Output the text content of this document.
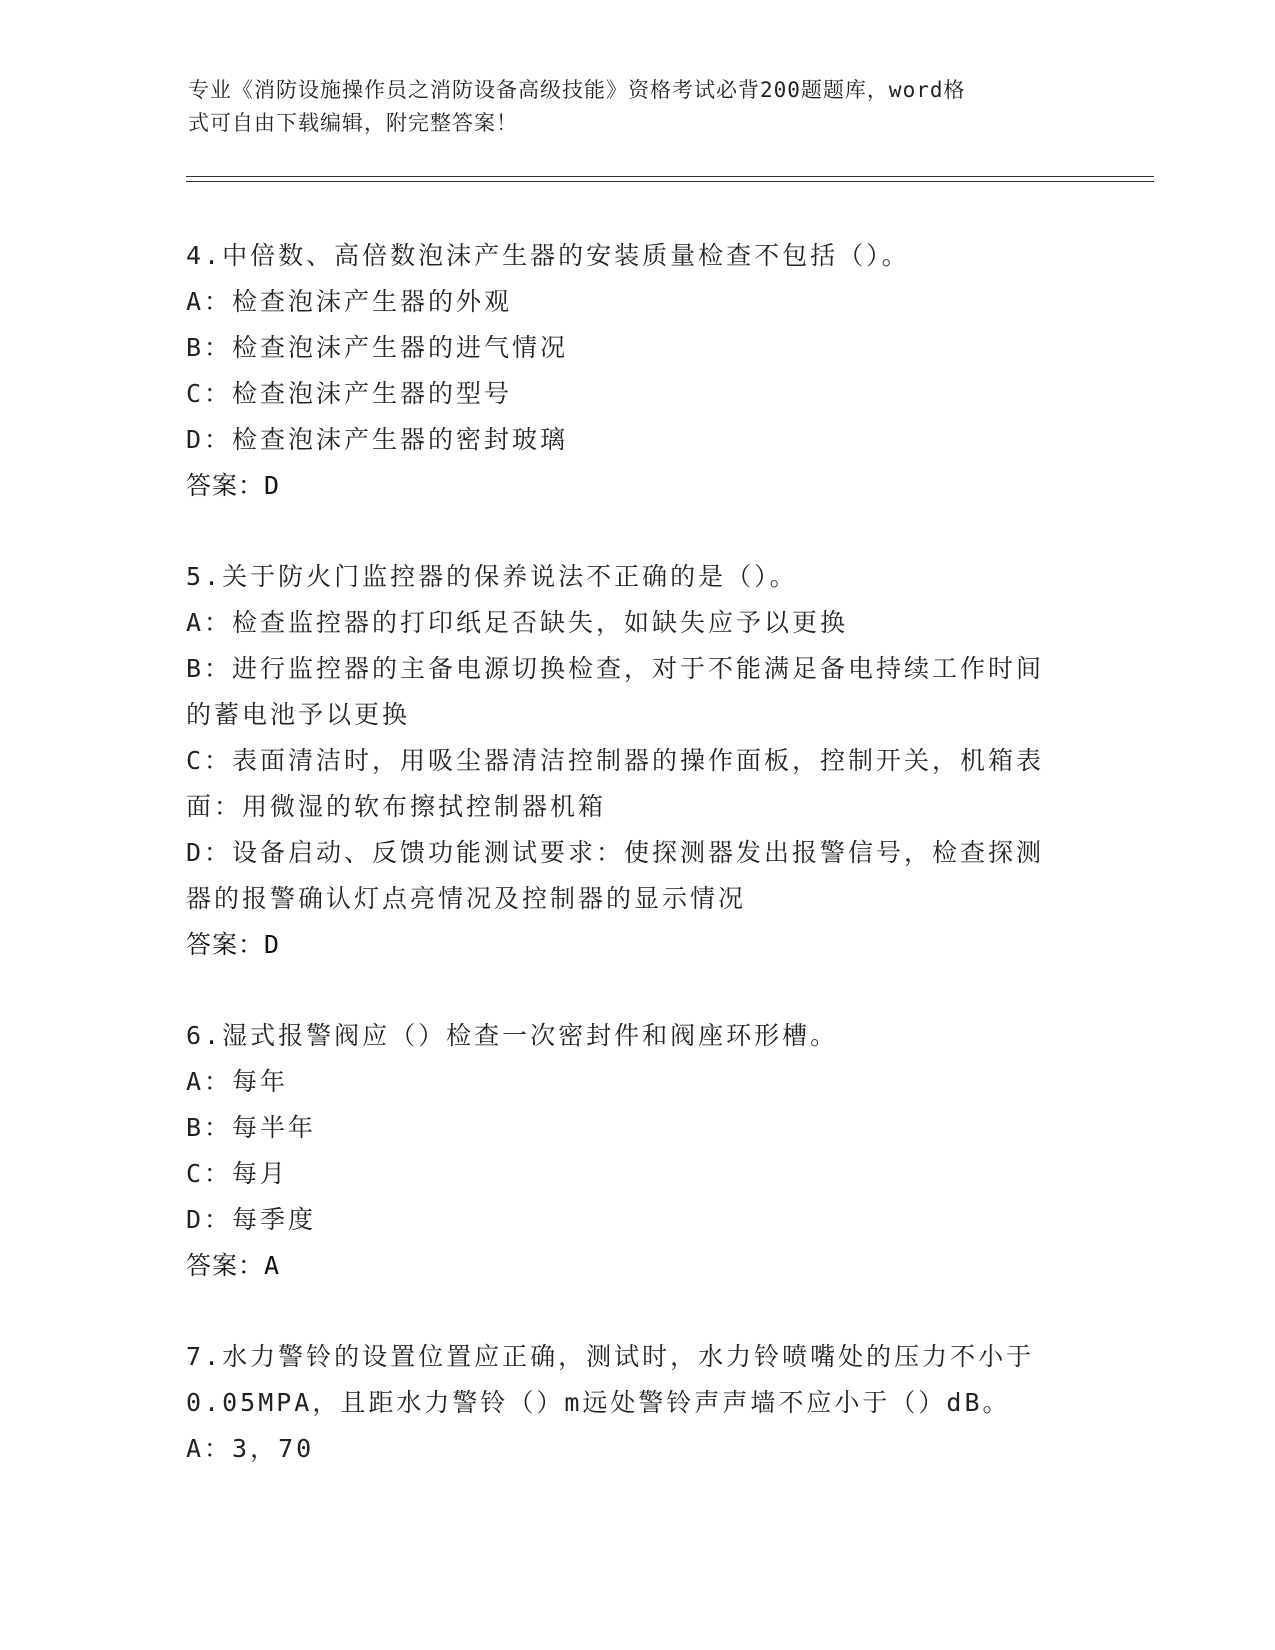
专业《消防设施操作员之消防设备高级技能》资格考试必背200题题库，word格
式可自由下载编辑，附完整答案！
4.中倍数、高倍数泡沫产生器的安装质量检查不包括（）。
A：检查泡沫产生器的外观
B：检查泡沫产生器的进气情况
C：检查泡沫产生器的型号
D：检查泡沫产生器的密封玻璃
答案：D
5.关于防火门监控器的保养说法不正确的是（）。
A：检查监控器的打印纸足否缺失，如缺失应予以更换
B：进行监控器的主备电源切换检查，对于不能满足备电持续工作时间
的蓄电池予以更换
C：表面清洁时，用吸尘器清洁控制器的操作面板，控制开关，机箱表
面：用微湿的软布擦拭控制器机箱
D：设备启动、反馈功能测试要求：使探测器发出报警信号，检查探测
器的报警确认灯点亮情况及控制器的显示情况
答案：D
6.湿式报警阀应（）检查一次密封件和阀座环形槽。
A：每年
B：每半年
C：每月
D：每季度
答案：A
7.水力警铃的设置位置应正确，测试时，水力铃喷嘴处的压力不小于
0.05MPA，且距水力警铃（）m远处警铃声声墙不应小于（）dB。
A：3，70
